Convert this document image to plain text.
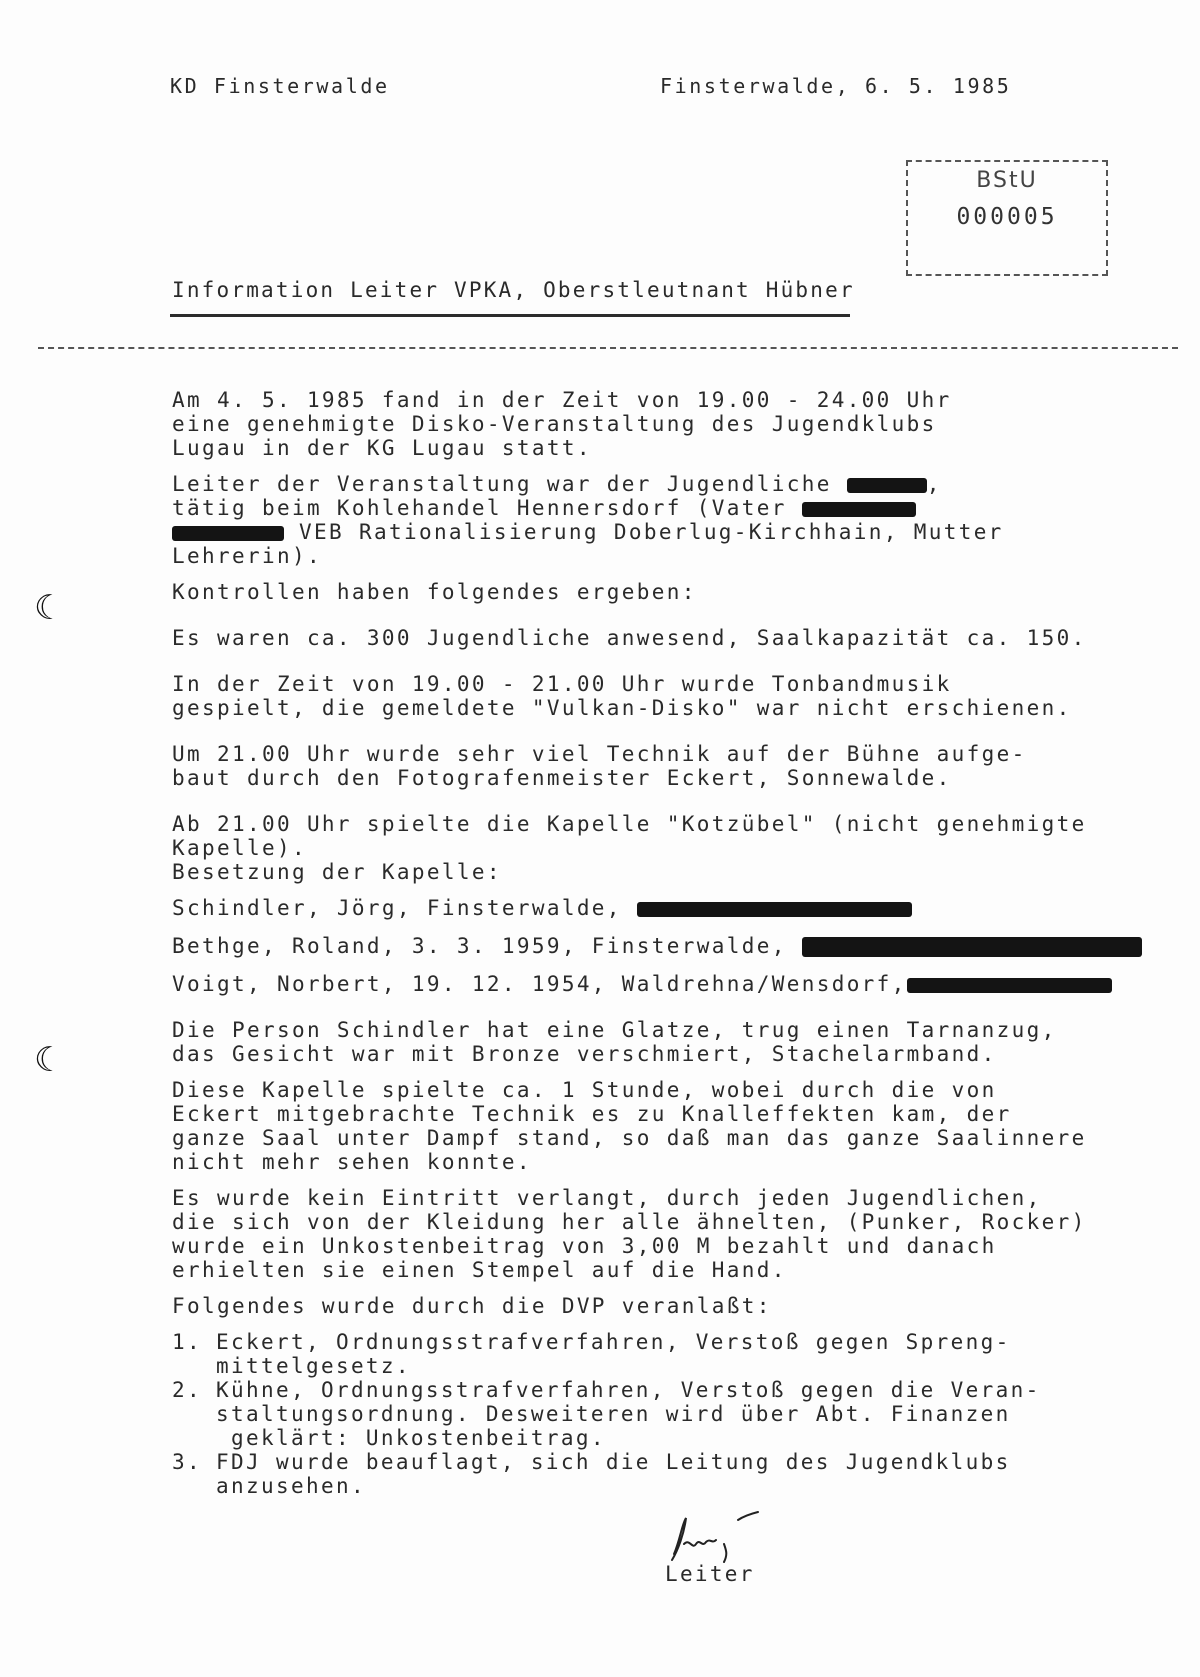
KD Finsterwalde	Finsterwalde, 6. 5. 1985
BStU
000005
Information Leiter VPKA, Oberstleutnant Hübner
☾
☾
Am 4. 5. 1985 fand in der Zeit von 19.00 - 24.00 Uhr
eine genehmigte Disko-Veranstaltung des Jugendklubs
Lugau in der KG Lugau statt.
Leiter der Veranstaltung war der Jugendliche	,
tätig beim Kohlehandel Hennersdorf (Vater
VEB Rationalisierung Doberlug-Kirchhain, Mutter
Lehrerin).
Kontrollen haben folgendes ergeben:
Es waren ca. 300 Jugendliche anwesend, Saalkapazität ca. 150.
In der Zeit von 19.00 - 21.00 Uhr wurde Tonbandmusik
gespielt, die gemeldete "Vulkan-Disko" war nicht erschienen.
Um 21.00 Uhr wurde sehr viel Technik auf der Bühne aufge-
baut durch den Fotografenmeister Eckert, Sonnewalde.
Ab 21.00 Uhr spielte die Kapelle "Kotzübel" (nicht genehmigte
Kapelle).
Besetzung der Kapelle:
Schindler, Jörg, Finsterwalde,
Bethge, Roland, 3. 3. 1959, Finsterwalde,
Voigt, Norbert, 19. 12. 1954, Waldrehna/Wensdorf,
Die Person Schindler hat eine Glatze, trug einen Tarnanzug,
das Gesicht war mit Bronze verschmiert, Stachelarmband.
Diese Kapelle spielte ca. 1 Stunde, wobei durch die von
Eckert mitgebrachte Technik es zu Knalleffekten kam, der
ganze Saal unter Dampf stand, so daß man das ganze Saalinnere
nicht mehr sehen konnte.
Es wurde kein Eintritt verlangt, durch jeden Jugendlichen,
die sich von der Kleidung her alle ähnelten, (Punker, Rocker)
wurde ein Unkostenbeitrag von 3,00 M bezahlt und danach
erhielten sie einen Stempel auf die Hand.
Folgendes wurde durch die DVP veranlaßt:
1. Eckert, Ordnungsstrafverfahren, Verstoß gegen Spreng-
mittelgesetz.
2. Kühne, Ordnungsstrafverfahren, Verstoß gegen die Veran-
staltungsordnung. Desweiteren wird über Abt. Finanzen
geklärt: Unkostenbeitrag.
3. FDJ wurde beauflagt, sich die Leitung des Jugendklubs
anzusehen.
Leiter
